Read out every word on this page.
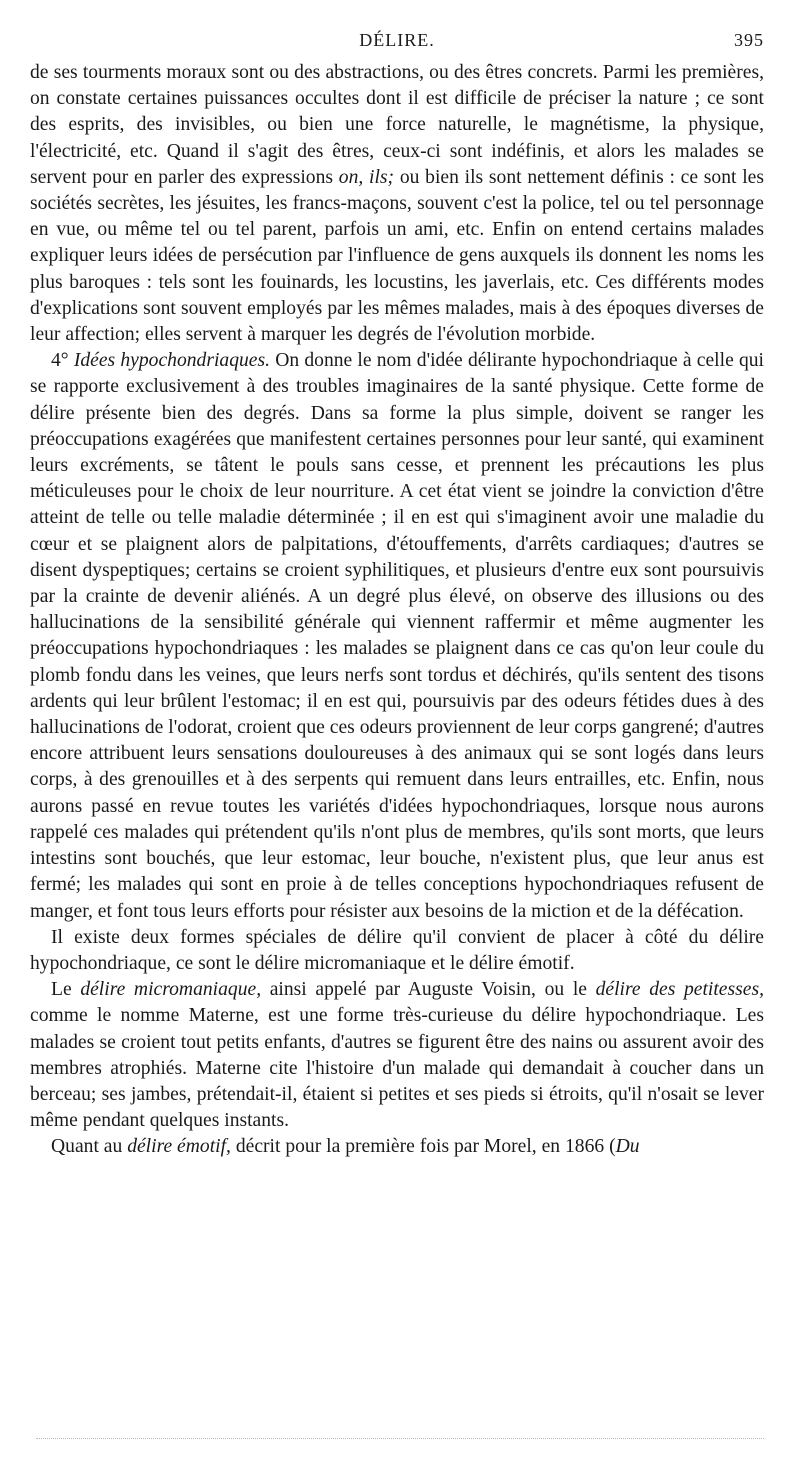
DÉLIRE.	395

de ses tourments moraux sont ou des abstractions, ou des êtres concrets. Parmi les premières, on constate certaines puissances occultes dont il est difficile de préciser la nature ; ce sont des esprits, des invisibles, ou bien une force naturelle, le magnétisme, la physique, l'électricité, etc. Quand il s'agit des êtres, ceux-ci sont indéfinis, et alors les malades se servent pour en parler des expressions on, ils; ou bien ils sont nettement définis : ce sont les sociétés secrètes, les jésuites, les francs-maçons, souvent c'est la police, tel ou tel personnage en vue, ou même tel ou tel parent, parfois un ami, etc. Enfin on entend certains malades expliquer leurs idées de persécution par l'influence de gens auxquels ils donnent les noms les plus baroques : tels sont les fouinards, les locustins, les javerlais, etc. Ces différents modes d'explications sont souvent employés par les mêmes malades, mais à des époques diverses de leur affection; elles servent à marquer les degrés de l'évolution morbide.

4° Idées hypochondriaques. On donne le nom d'idée délirante hypochondriaque à celle qui se rapporte exclusivement à des troubles imaginaires de la santé physique. Cette forme de délire présente bien des degrés. Dans sa forme la plus simple, doivent se ranger les préoccupations exagérées que manifestent certaines personnes pour leur santé, qui examinent leurs excréments, se tâtent le pouls sans cesse, et prennent les précautions les plus méticuleuses pour le choix de leur nourriture. A cet état vient se joindre la conviction d'être atteint de telle ou telle maladie déterminée ; il en est qui s'imaginent avoir une maladie du cœur et se plaignent alors de palpitations, d'étouffements, d'arrêts cardiaques; d'autres se disent dyspeptiques; certains se croient syphilitiques, et plusieurs d'entre eux sont poursuivis par la crainte de devenir aliénés. A un degré plus élevé, on observe des illusions ou des hallucinations de la sensibilité générale qui viennent raffermir et même augmenter les préoccupations hypochondriaques : les malades se plaignent dans ce cas qu'on leur coule du plomb fondu dans les veines, que leurs nerfs sont tordus et déchirés, qu'ils sentent des tisons ardents qui leur brûlent l'estomac; il en est qui, poursuivis par des odeurs fétides dues à des hallucinations de l'odorat, croient que ces odeurs proviennent de leur corps gangrené; d'autres encore attribuent leurs sensations douloureuses à des animaux qui se sont logés dans leurs corps, à des grenouilles et à des serpents qui remuent dans leurs entrailles, etc. Enfin, nous aurons passé en revue toutes les variétés d'idées hypochondriaques, lorsque nous aurons rappelé ces malades qui prétendent qu'ils n'ont plus de membres, qu'ils sont morts, que leurs intestins sont bouchés, que leur estomac, leur bouche, n'existent plus, que leur anus est fermé; les malades qui sont en proie à de telles conceptions hypochondriaques refusent de manger, et font tous leurs efforts pour résister aux besoins de la miction et de la défécation.

Il existe deux formes spéciales de délire qu'il convient de placer à côté du délire hypochondriaque, ce sont le délire micromaniaque et le délire émotif.

Le délire micromaniaque, ainsi appelé par Auguste Voisin, ou le délire des petitesses, comme le nomme Materne, est une forme très-curieuse du délire hypochondriaque. Les malades se croient tout petits enfants, d'autres se figurent être des nains ou assurent avoir des membres atrophiés. Materne cite l'histoire d'un malade qui demandait à coucher dans un berceau; ses jambes, prétendait-il, étaient si petites et ses pieds si étroits, qu'il n'osait se lever même pendant quelques instants.

Quant au délire émotif, décrit pour la première fois par Morel, en 1866 (Du
